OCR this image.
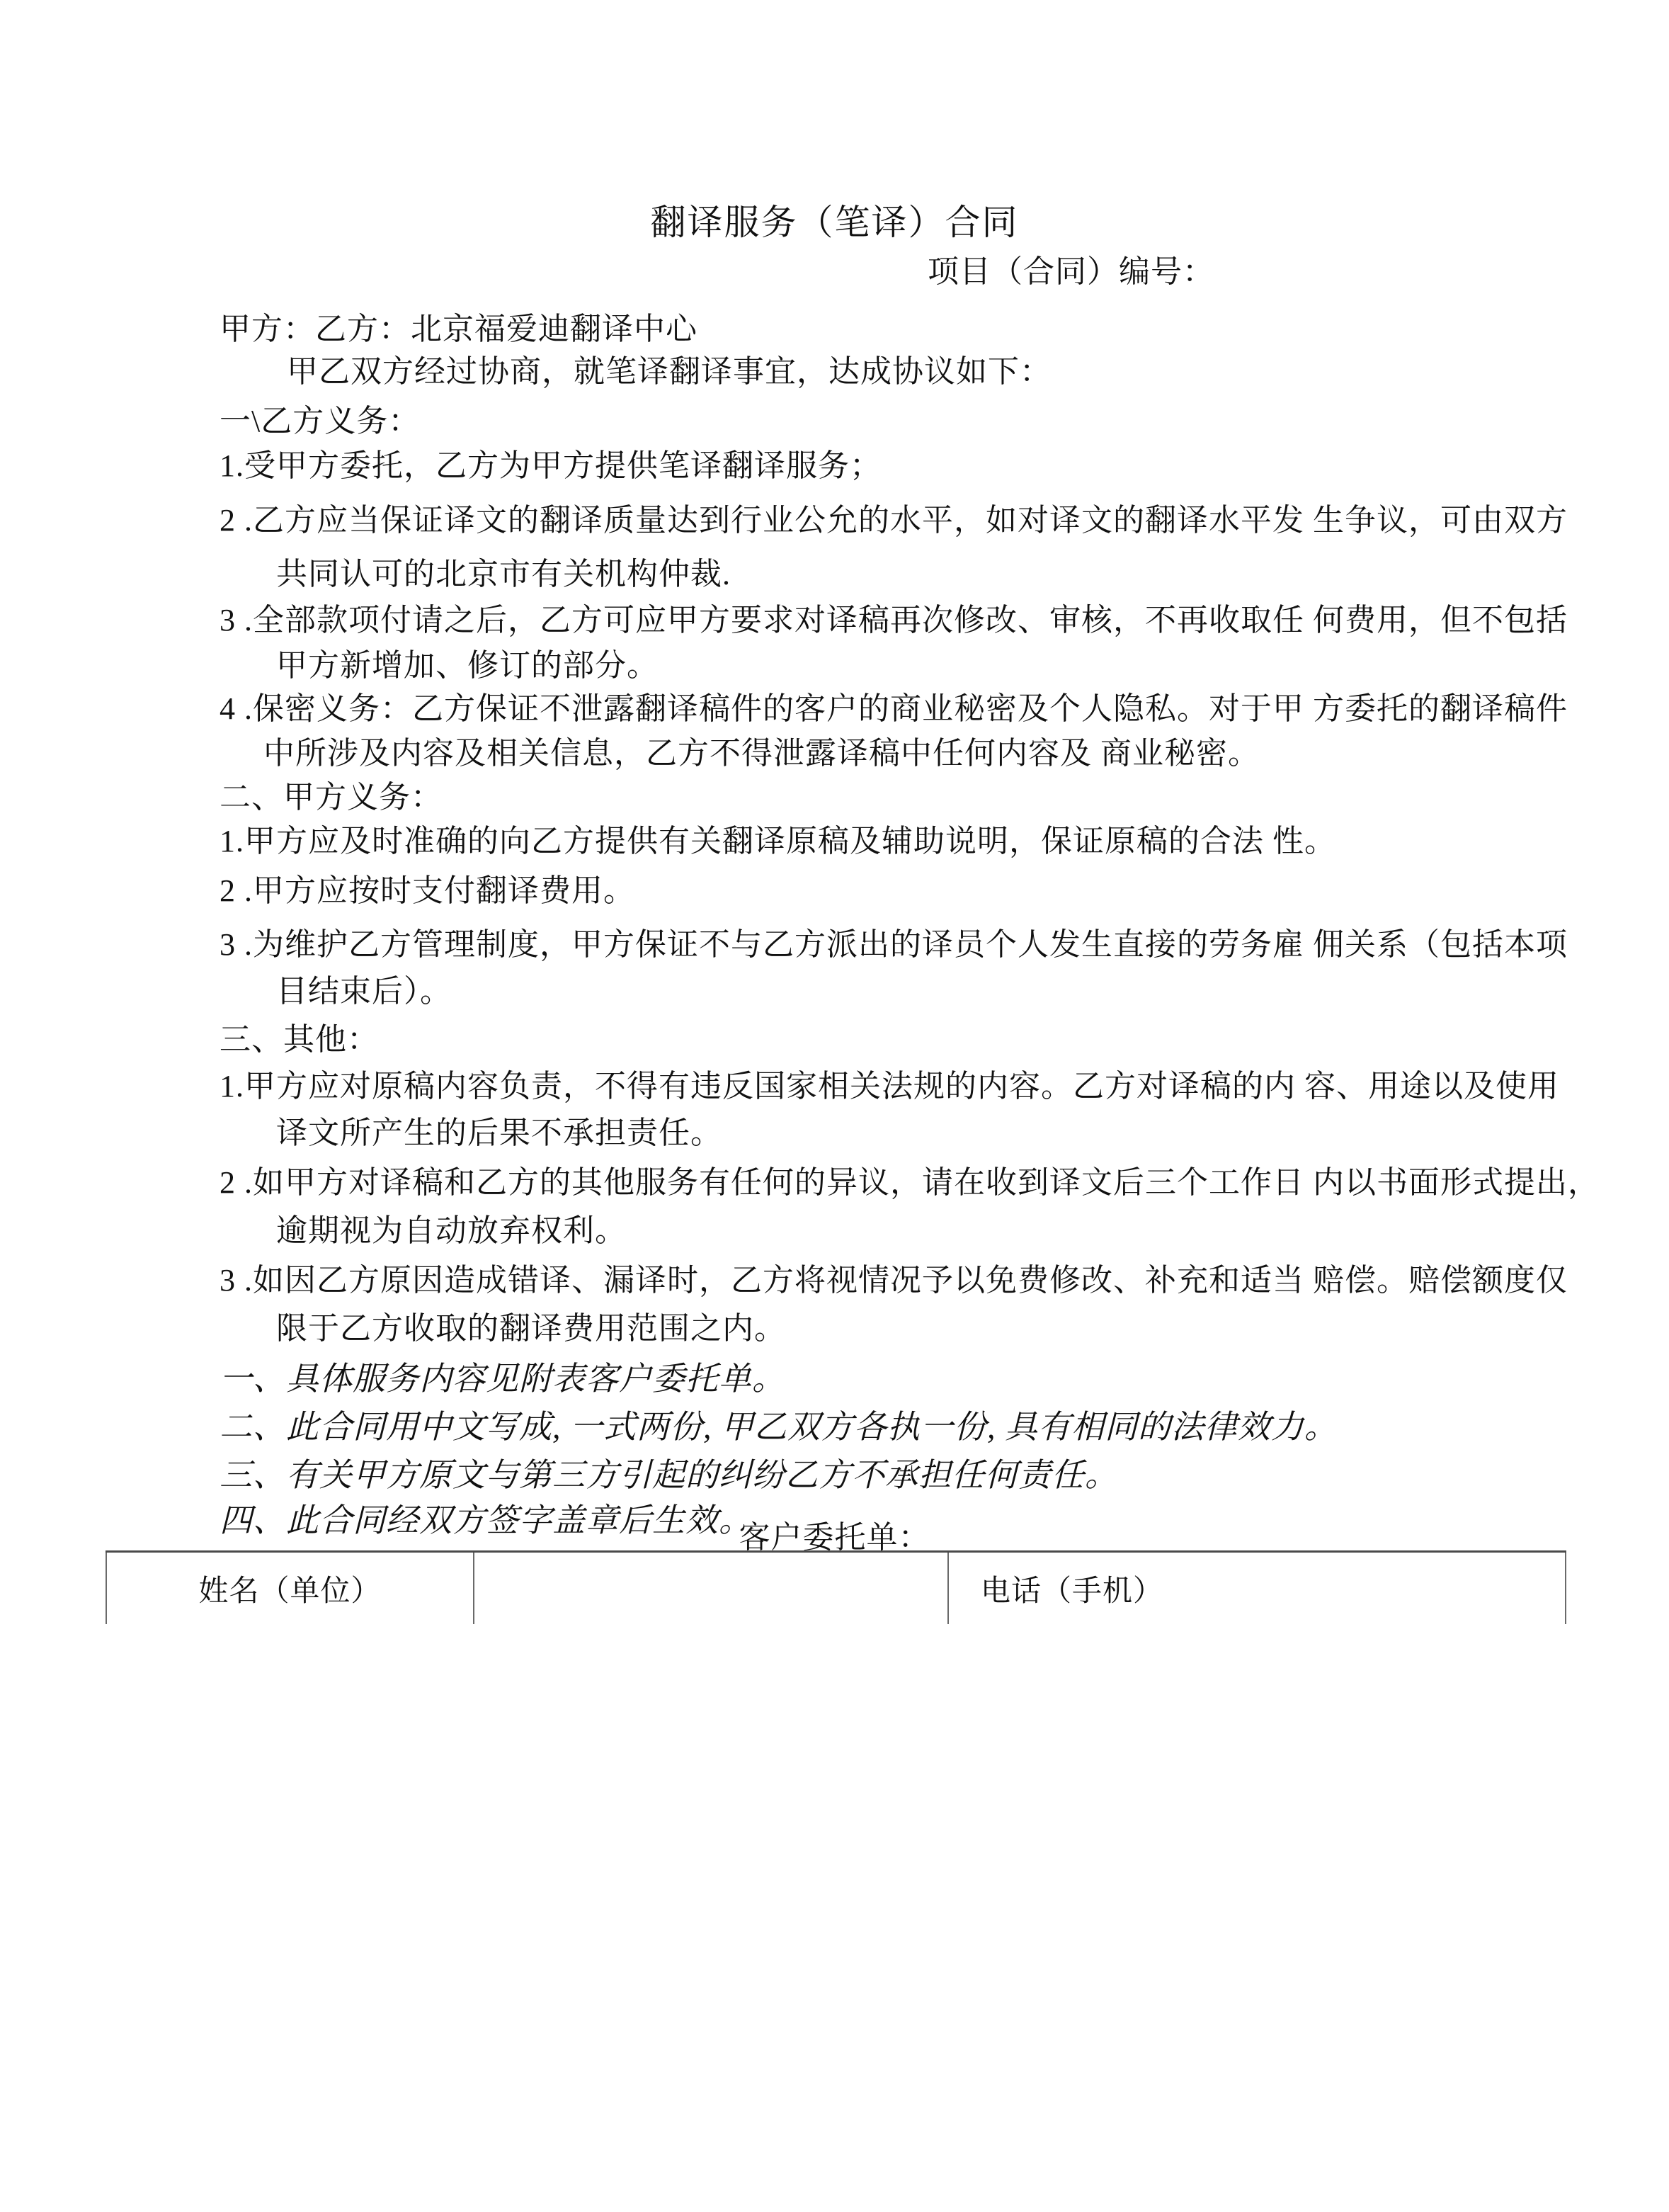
翻译服务（笔译）合同
项目（合同）编号：
甲方：乙方：北京福爱迪翻译中心
甲乙双方经过协商，就笔译翻译事宜，达成协议如下：
一\乙方义务：
1.受甲方委托，乙方为甲方提供笔译翻译服务；
2 .乙方应当保证译文的翻译质量达到行业公允的水平，如对译文的翻译水平发 生争议，可由双方
共同认可的北京市有关机构仲裁.
3 .全部款项付请之后，乙方可应甲方要求对译稿再次修改、审核，不再收取任 何费用，但不包括
甲方新增加、修订的部分。
4 .保密义务：乙方保证不泄露翻译稿件的客户的商业秘密及个人隐私。对于甲 方委托的翻译稿件
中所涉及内容及相关信息，乙方不得泄露译稿中任何内容及 商业秘密。
二、甲方义务：
1.甲方应及时准确的向乙方提供有关翻译原稿及辅助说明，保证原稿的合法 性。
2 .甲方应按时支付翻译费用。
3 .为维护乙方管理制度，甲方保证不与乙方派出的译员个人发生直接的劳务雇 佣关系（包括本项
目结束后）。
三、其他：
1.甲方应对原稿内容负责，不得有违反国家相关法规的内容。乙方对译稿的内 容、用途以及使用
译文所产生的后果不承担责任。
2 .如甲方对译稿和乙方的其他服务有任何的异议，请在收到译文后三个工作日 内以书面形式提出，
逾期视为自动放弃权利。
3 .如因乙方原因造成错译、漏译时，乙方将视情况予以免费修改、补充和适当 赔偿。赔偿额度仅
限于乙方收取的翻译费用范围之内。
一、具体服务内容见附表客户委托单。
二、此合同用中文写成, 一式两份, 甲乙双方各执一份, 具有相同的法律效力。
三、有关甲方原文与第三方引起的纠纷乙方不承担任何责任。
四、此合同经双方签字盖章后生效。
客户委托单：
姓名（单位）	电话（手机）
